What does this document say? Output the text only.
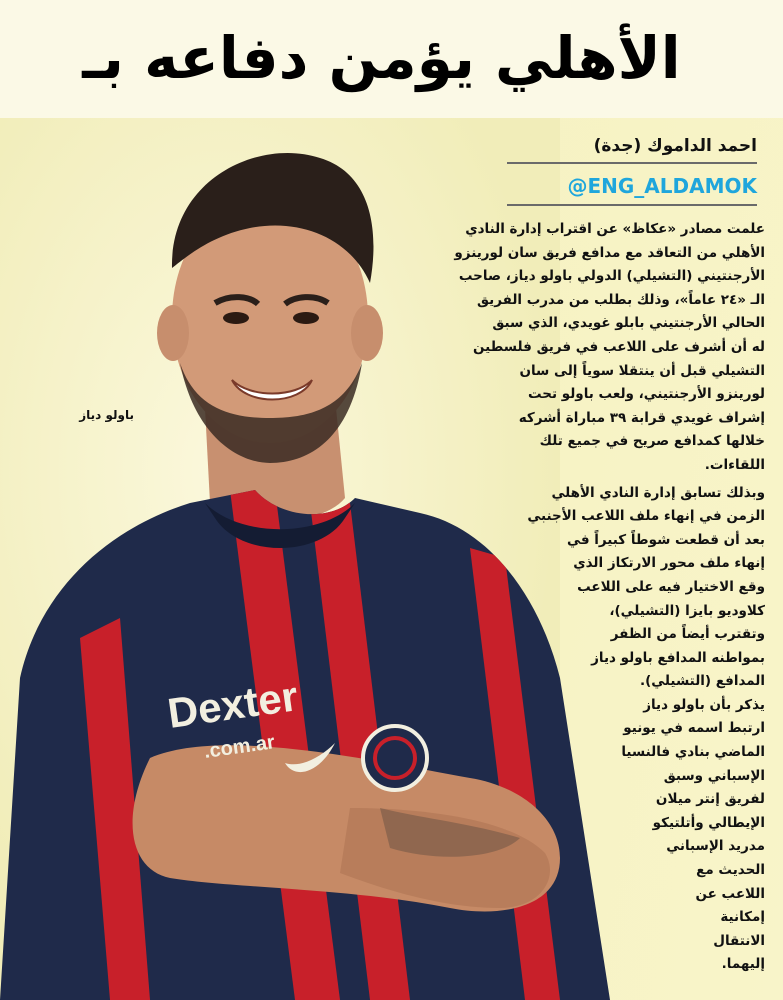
الأهلي يؤمن دفاعه بـ
Dexter
.com.ar
باولو دياز
احمد الداموك (جدة)
@ENG_ALDAMOK
علمت مصادر «عكاظ» عن اقتراب إدارة النادي
الأهلي من التعاقد مع مدافع فريق سان لورينزو
الأرجنتيني (التشيلي) الدولي باولو دياز، صاحب
الـ «٢٤ عاماً»، وذلك بطلب من مدرب الفريق
الحالي الأرجنتيني بابلو غويدي، الذي سبق
له أن أشرف على اللاعب في فريق فلسطين
التشيلي قبل أن ينتقلا سوياً إلى سان
لورينزو الأرجنتيني، ولعب باولو تحت
إشراف غويدي قرابة ٣٩ مباراة أشركه
خلالها كمدافع صريح في جميع تلك
اللقاءات.
وبذلك تسابق إدارة النادي الأهلي
الزمن في إنهاء ملف اللاعب الأجنبي
بعد أن قطعت شوطاً كبيراً في
إنهاء ملف محور الارتكاز الذي
وقع الاختيار فيه على اللاعب
كلاوديو بايزا (التشيلي)،
وتقترب أيضاً من الظفر
بمواطنه المدافع باولو دياز
المدافع (التشيلي).
يذكر بأن باولو دياز
ارتبط اسمه في يونيو
الماضي بنادي فالنسيا
الإسباني وسبق
لفريق إنتر ميلان
الإيطالي وأتلتيكو
مدريد الإسباني
الحديث مع
اللاعب عن
إمكانية
الانتقال
إليهما.
